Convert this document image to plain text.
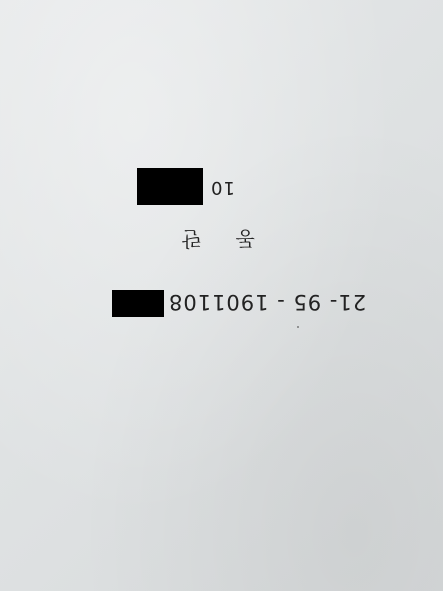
10
동 란
21- 95 - 1901108
